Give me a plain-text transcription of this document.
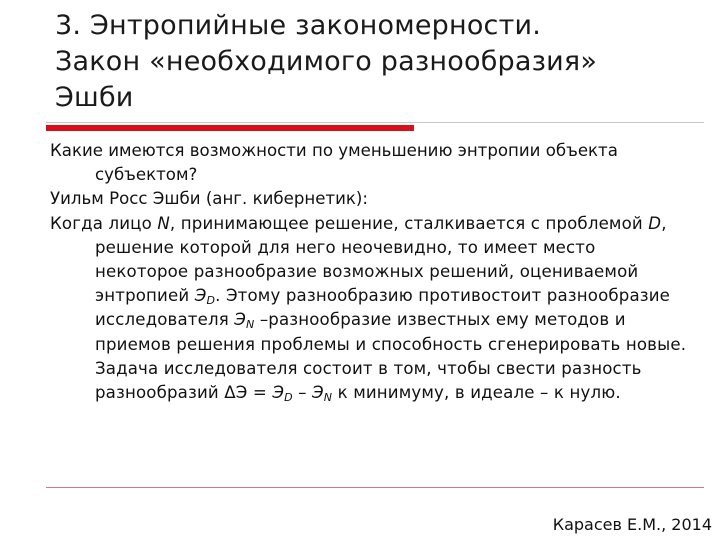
3. Энтропийные закономерности.
Закон «необходимого разнообразия»
Эшби

Какие имеются возможности по уменьшению энтропии объекта субъектом?

Уильм Росс Эшби (анг. кибернетик):

Когда лицо N, принимающее решение, сталкивается с проблемой D, решение которой для него неочевидно, то имеет место некоторое разнообразие возможных решений, оцениваемой энтропией $Э_D$. Этому разнообразию противостоит разнообразие исследователя $Э_N$ –разнообразие известных ему методов и приемов решения проблемы и способность сгенерировать новые. Задача исследователя состоит в том, чтобы свести разность разнообразий $\Delta Э = Э_D - Э_N$ к минимуму, в идеале – к нулю.

Карасев Е.М., 2014
